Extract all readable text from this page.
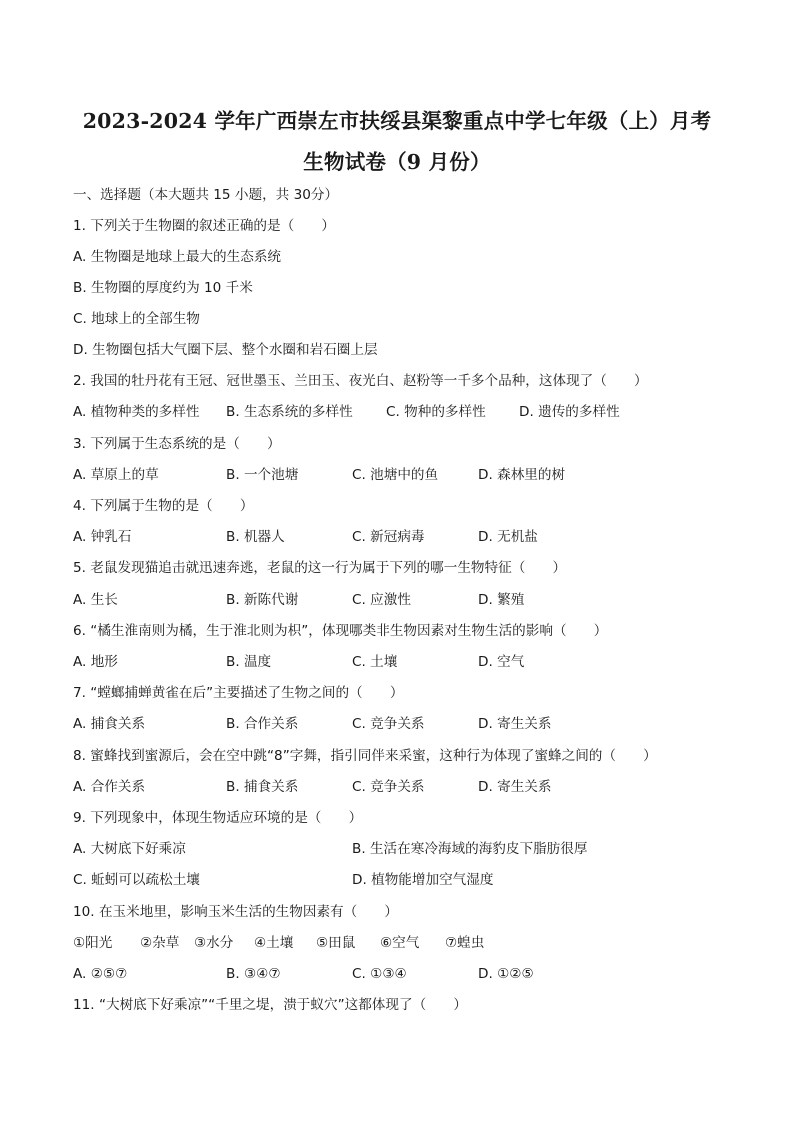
2023-2024 学年广西崇左市扶绥县渠黎重点中学七年级（上）月考
生物试卷（9 月份）
一、选择题（本大题共 15 小题，共 30分）
1. 下列关于生物圈的叙述正确的是（　　）
A. 生物圈是地球上最大的生态系统
B. 生物圈的厚度约为 10 千米
C. 地球上的全部生物
D. 生物圈包括大气圈下层、整个水圈和岩石圈上层
2. 我国的牡丹花有王冠、冠世墨玉、兰田玉、夜光白、赵粉等一千多个品种，这体现了（　　）
A. 植物种类的多样性 B. 生态系统的多样性 C. 物种的多样性 D. 遗传的多样性
3. 下列属于生态系统的是（　　）
A. 草原上的草	B. 一个池塘	C. 池塘中的鱼	D. 森林里的树
4. 下列属于生物的是（　　）
A. 钟乳石	B. 机器人	C. 新冠病毒	D. 无机盐
5. 老鼠发现猫追击就迅速奔逃，老鼠的这一行为属于下列的哪一生物特征（　　）
A. 生长	B. 新陈代谢	C. 应激性	D. 繁殖
6. “橘生淮南则为橘，生于淮北则为枳”，体现哪类非生物因素对生物生活的影响（　　）
A. 地形	B. 温度	C. 土壤	D. 空气
7. “螳螂捕蝉黄雀在后”主要描述了生物之间的（　　）
A. 捕食关系	B. 合作关系	C. 竞争关系	D. 寄生关系
8. 蜜蜂找到蜜源后，会在空中跳“8”字舞，指引同伴来采蜜，这种行为体现了蜜蜂之间的（　　）
A. 合作关系	B. 捕食关系	C. 竞争关系	D. 寄生关系
9. 下列现象中，体现生物适应环境的是（　　）
A. 大树底下好乘凉	B. 生活在寒冷海域的海豹皮下脂肪很厚
C. 蚯蚓可以疏松土壤	D. 植物能增加空气湿度
10. 在玉米地里，影响玉米生活的生物因素有（　　）
①阳光 ②杂草 ③水分 ④土壤 ⑤田鼠 ⑥空气 ⑦蝗虫
A. ②⑤⑦	B. ③④⑦	C. ①③④	D. ①②⑤
11. “大树底下好乘凉”“千里之堤，溃于蚁穴”这都体现了（　　）
